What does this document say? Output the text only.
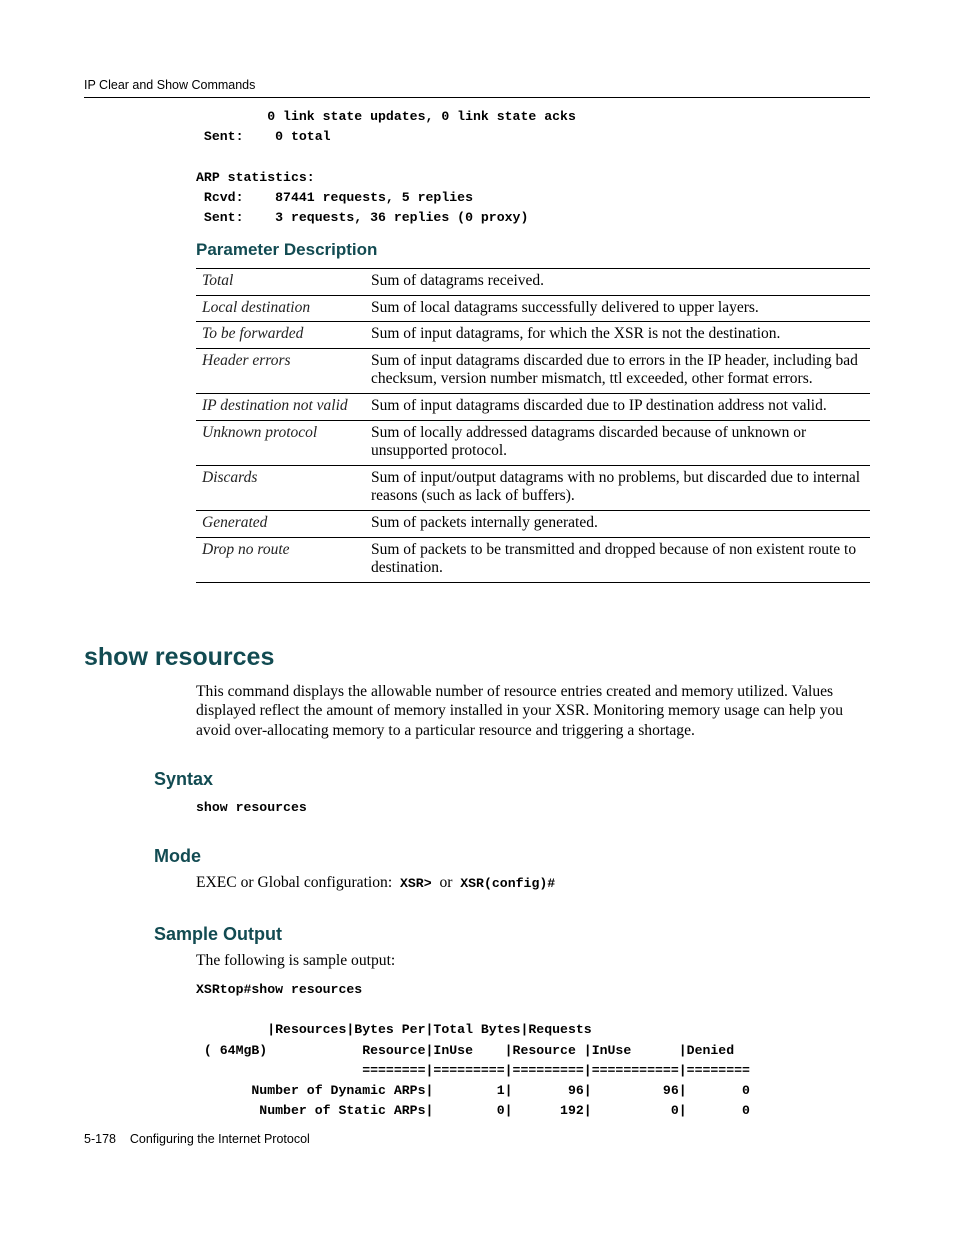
IP Clear and Show Commands
0 link state updates, 0 link state acks
Sent:    0 total

ARP statistics:
Rcvd:    87441 requests, 5 replies
Sent:    3 requests, 36 replies (0 proxy)
Parameter Description
Total	Sum of datagrams received.
Local destination	Sum of local datagrams successfully delivered to upper layers.
To be forwarded	Sum of input datagrams, for which the XSR is not the destination.
Header errors	Sum of input datagrams discarded due to errors in the IP header, including bad checksum, version number mismatch, ttl exceeded, other format errors.
IP destination not valid	Sum of input datagrams discarded due to IP destination address not valid.
Unknown protocol	Sum of locally addressed datagrams discarded because of unknown or unsupported protocol.
Discards	Sum of input/output datagrams with no problems, but discarded due to internal reasons (such as lack of buffers).
Generated	Sum of packets internally generated.
Drop no route	Sum of packets to be transmitted and dropped because of non existent route to destination.
show resources
This command displays the allowable number of resource entries created and memory utilized. Values displayed reflect the amount of memory installed in your XSR. Monitoring memory usage can help you avoid over-allocating memory to a particular resource and triggering a shortage.
Syntax
show resources
Mode
EXEC or Global configuration: XSR> or XSR(config)#
Sample Output
The following is sample output:
XSRtop#show resources

|Resources|Bytes Per|Total Bytes|Requests
( 64MgB)            Resource|InUse    |Resource |InUse      |Denied
========|=========|=========|===========|========
Number of Dynamic ARPs|        1|       96|         96|       0
Number of Static ARPs|        0|      192|          0|       0
5-178    Configuring the Internet Protocol
